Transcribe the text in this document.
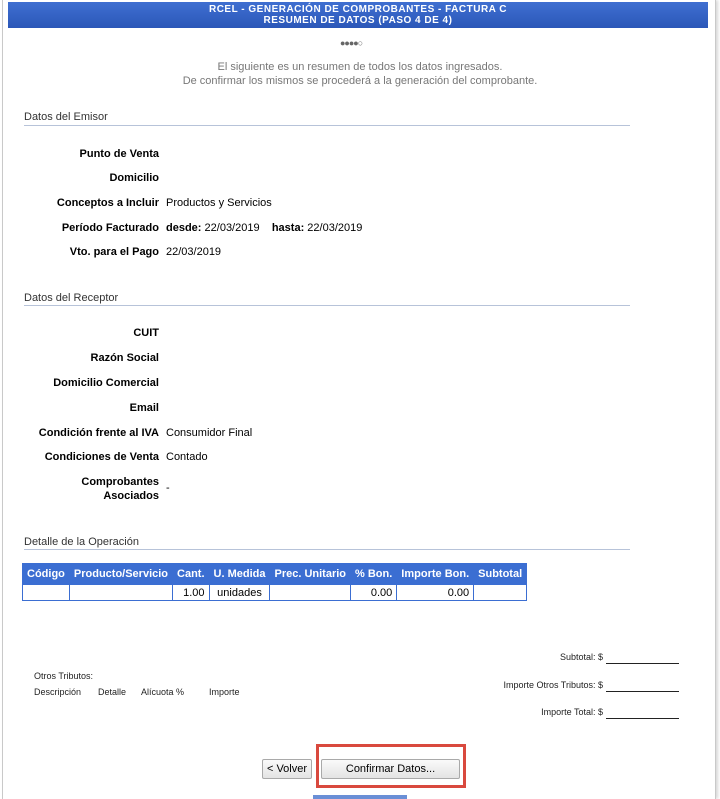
RCEL - GENERACIÓN DE COMPROBANTES - FACTURA C
RESUMEN DE DATOS (PASO 4 DE 4)
●●●●○
El siguiente es un resumen de todos los datos ingresados.
De confirmar los mismos se procederá a la generación del comprobante.
Datos del Emisor
Punto de Venta
Domicilio
Conceptos a Incluir Productos y Servicios
Período Facturado desde: 22/03/2019 hasta: 22/03/2019
Vto. para el Pago 22/03/2019
Datos del Receptor
CUIT
Razón Social
Domicilio Comercial
Email
Condición frente al IVA Consumidor Final
Condiciones de Venta Contado
Comprobantes
Asociados
-
Detalle de la Operación
Código	Producto/Servicio	Cant.	U. Medida	Prec. Unitario	% Bon.	Importe Bon.	Subtotal
		1.00	unidades		0.00	0.00	
Otros Tributos:
Descripción Detalle Alícuota %	Importe
Subtotal: $
Importe Otros Tributos: $
Importe Total: $
< Volver	Confirmar Datos...
